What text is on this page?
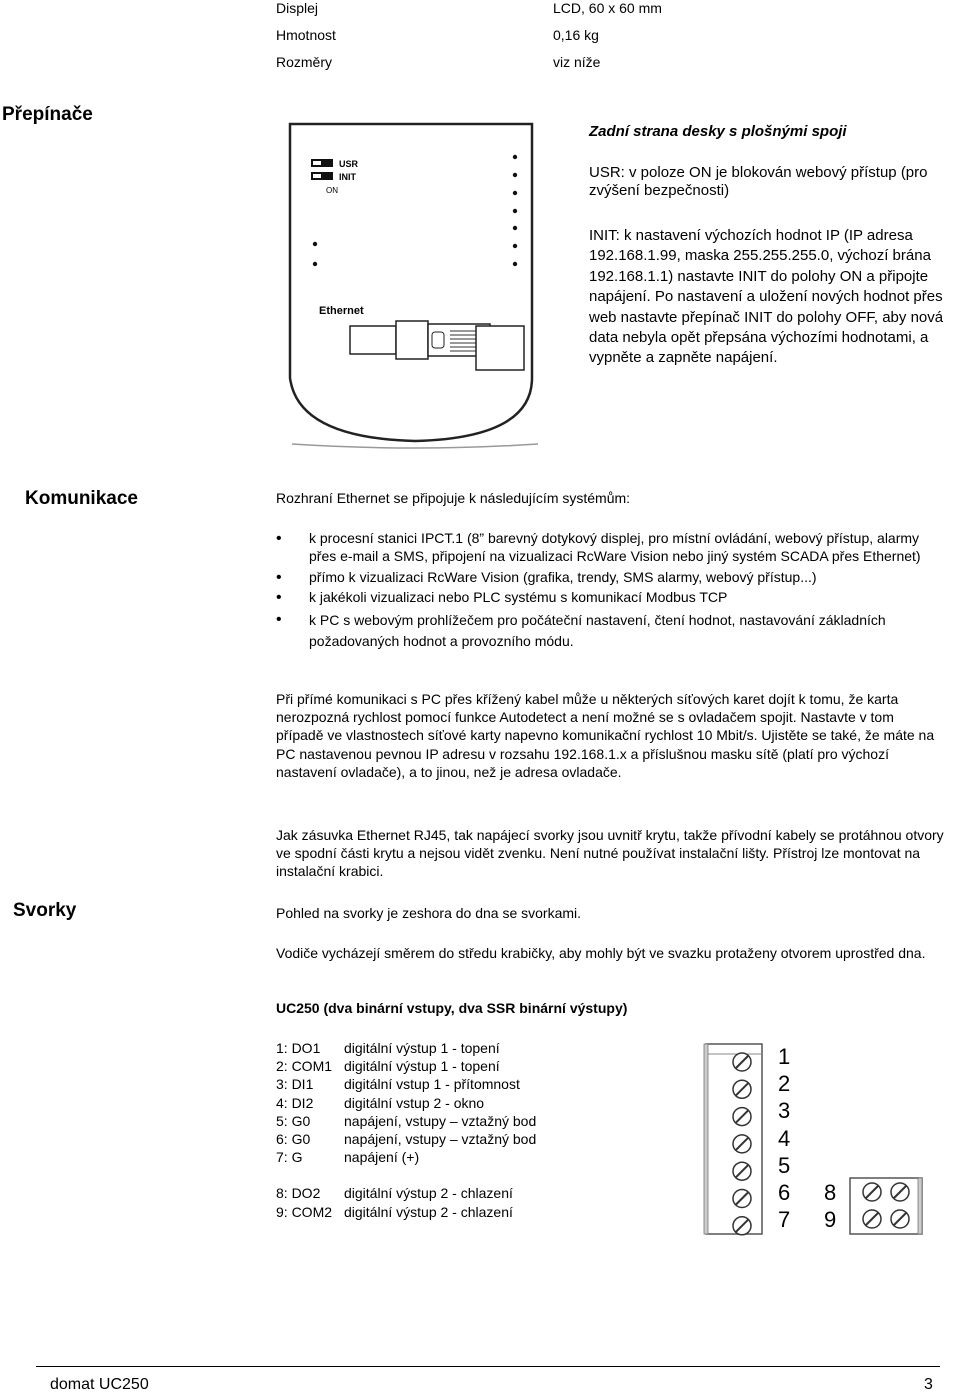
Displej	LCD, 60 x 60 mm
Hmotnost	0,16 kg
Rozměry	viz níže
Přepínače
USR
INIT
ON
Ethernet
Zadní strana desky s plošnými spoji

USR: v poloze ON je blokován webový přístup (pro zvýšení bezpečnosti)

INIT: k nastavení výchozích hodnot IP (IP adresa 192.168.1.99, maska 255.255.255.0, výchozí brána 192.168.1.1) nastavte INIT do polohy ON a připojte napájení. Po nastavení a uložení nových hodnot přes web nastavte přepínač INIT do polohy OFF, aby nová data nebyla opět přepsána výchozími hodnotami, a vypněte a zapněte napájení.

Komunikace	Rozhraní Ethernet se připojuje k následujícím systémům:
• k procesní stanici IPCT.1 (8” barevný dotykový displej, pro místní ovládání, webový přístup, alarmy přes e-mail a SMS, připojení na vizualizaci RcWare Vision nebo jiný systém SCADA přes Ethernet)
• přímo k vizualizaci RcWare Vision (grafika, trendy, SMS alarmy, webový přístup...)
• k jakékoli vizualizaci nebo PLC systému s komunikací Modbus TCP
• k PC s webovým prohlížečem pro počáteční nastavení, čtení hodnot, nastavování základních požadovaných hodnot a provozního módu.

Při přímé komunikaci s PC přes křížený kabel může u některých síťových karet dojít k tomu, že karta nerozpozná rychlost pomocí funkce Autodetect a není možné se s ovladačem spojit. Nastavte v tom případě ve vlastnostech síťové karty napevno komunikační rychlost 10 Mbit/s. Ujistěte se také, že máte na PC nastavenou pevnou IP adresu v rozsahu 192.168.1.x a příslušnou masku sítě (platí pro výchozí nastavení ovladače), a to jinou, než je adresa ovladače.

Jak zásuvka Ethernet RJ45, tak napájecí svorky jsou uvnitř krytu, takže přívodní kabely se protáhnou otvory ve spodní části krytu a nejsou vidět zvenku. Není nutné používat instalační lišty. Přístroj lze montovat na instalační krabici.

Svorky	Pohled na svorky je zeshora do dna se svorkami.

Vodiče vycházejí směrem do středu krabičky, aby mohly být ve svazku protaženy otvorem uprostřed dna.

UC250 (dva binární vstupy, dva SSR binární výstupy)
1: DO1	digitální výstup 1 - topení
2: COM1 digitální výstup 1 - topení
3: DI1	digitální vstup 1 - přítomnost
4: DI2	digitální vstup 2 - okno
5: G0	napájení, vstupy – vztažný bod
6: G0	napájení, vstupy – vztažný bod
7: G	napájení (+)
8: DO2	digitální výstup 2 - chlazení
9: COM2 digitální výstup 2 - chlazení
1
2
3
4
5
6
7
8
9
domat UC250	3
